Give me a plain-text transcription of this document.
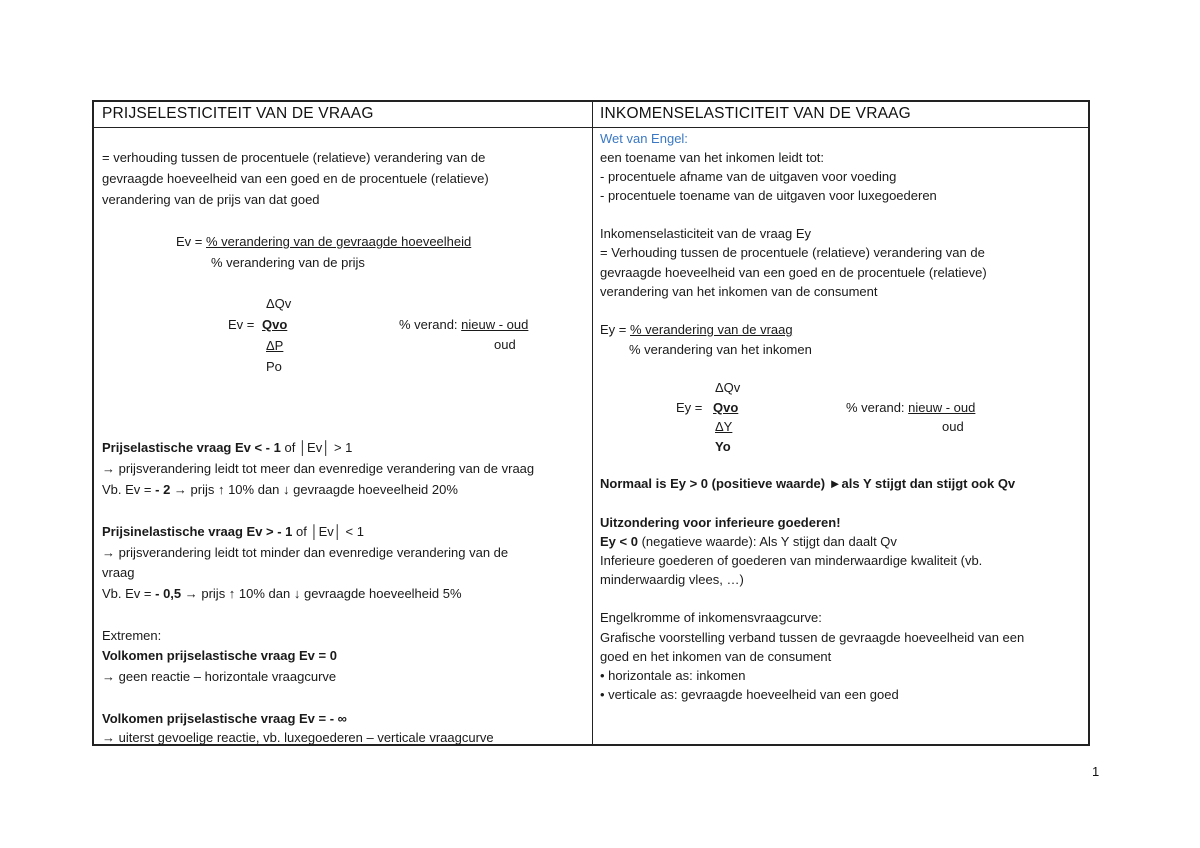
PRIJSELESTICITEIT VAN DE VRAAG	INKOMENSELASTICITEIT VAN DE VRAAG
= verhouding tussen de procentuele (relatieve) verandering van de
gevraagde hoeveelheid van een goed en de procentuele (relatieve)
verandering van de prijs van dat goed
Ev = % verandering van de gevraagde hoeveelheid
% verandering van de prijs
ΔQv
Ev = Qvo
ΔP
Po
% verand: nieuw - oud
oud
Prijselastische vraag Ev < - 1 of │Ev│ > 1
→ prijsverandering leidt tot meer dan evenredige verandering van de vraag
Vb. Ev = - 2 → prijs ↑ 10% dan ↓ gevraagde hoeveelheid 20%
Prijsinelastische vraag Ev > - 1 of │Ev│ < 1
→ prijsverandering leidt tot minder dan evenredige verandering van de
vraag
Vb. Ev = - 0,5 → prijs ↑ 10% dan ↓ gevraagde hoeveelheid 5%
Extremen:
Volkomen prijselastische vraag Ev = 0
→ geen reactie – horizontale vraagcurve
Volkomen prijselastische vraag Ev = - ∞
→ uiterst gevoelige reactie, vb. luxegoederen – verticale vraagcurve
Wet van Engel:
een toename van het inkomen leidt tot:
- procentuele afname van de uitgaven voor voeding
- procentuele toename van de uitgaven voor luxegoederen
Inkomenselasticiteit van de vraag Ey
= Verhouding tussen de procentuele (relatieve) verandering van de
gevraagde hoeveelheid van een goed en de procentuele (relatieve)
verandering van het inkomen van de consument
Ey = % verandering van de vraag
% verandering van het inkomen
ΔQv
Ey = Qvo
ΔY
Yo
% verand: nieuw - oud
oud
Normaal is Ey > 0 (positieve waarde) ►als Y stijgt dan stijgt ook Qv
Uitzondering voor inferieure goederen!
Ey < 0 (negatieve waarde): Als Y stijgt dan daalt Qv
Inferieure goederen of goederen van minderwaardige kwaliteit (vb.
minderwaardig vlees, …)
Engelkromme of inkomensvraagcurve:
Grafische voorstelling verband tussen de gevraagde hoeveelheid van een
goed en het inkomen van de consument
• horizontale as: inkomen
• verticale as: gevraagde hoeveelheid van een goed
1
